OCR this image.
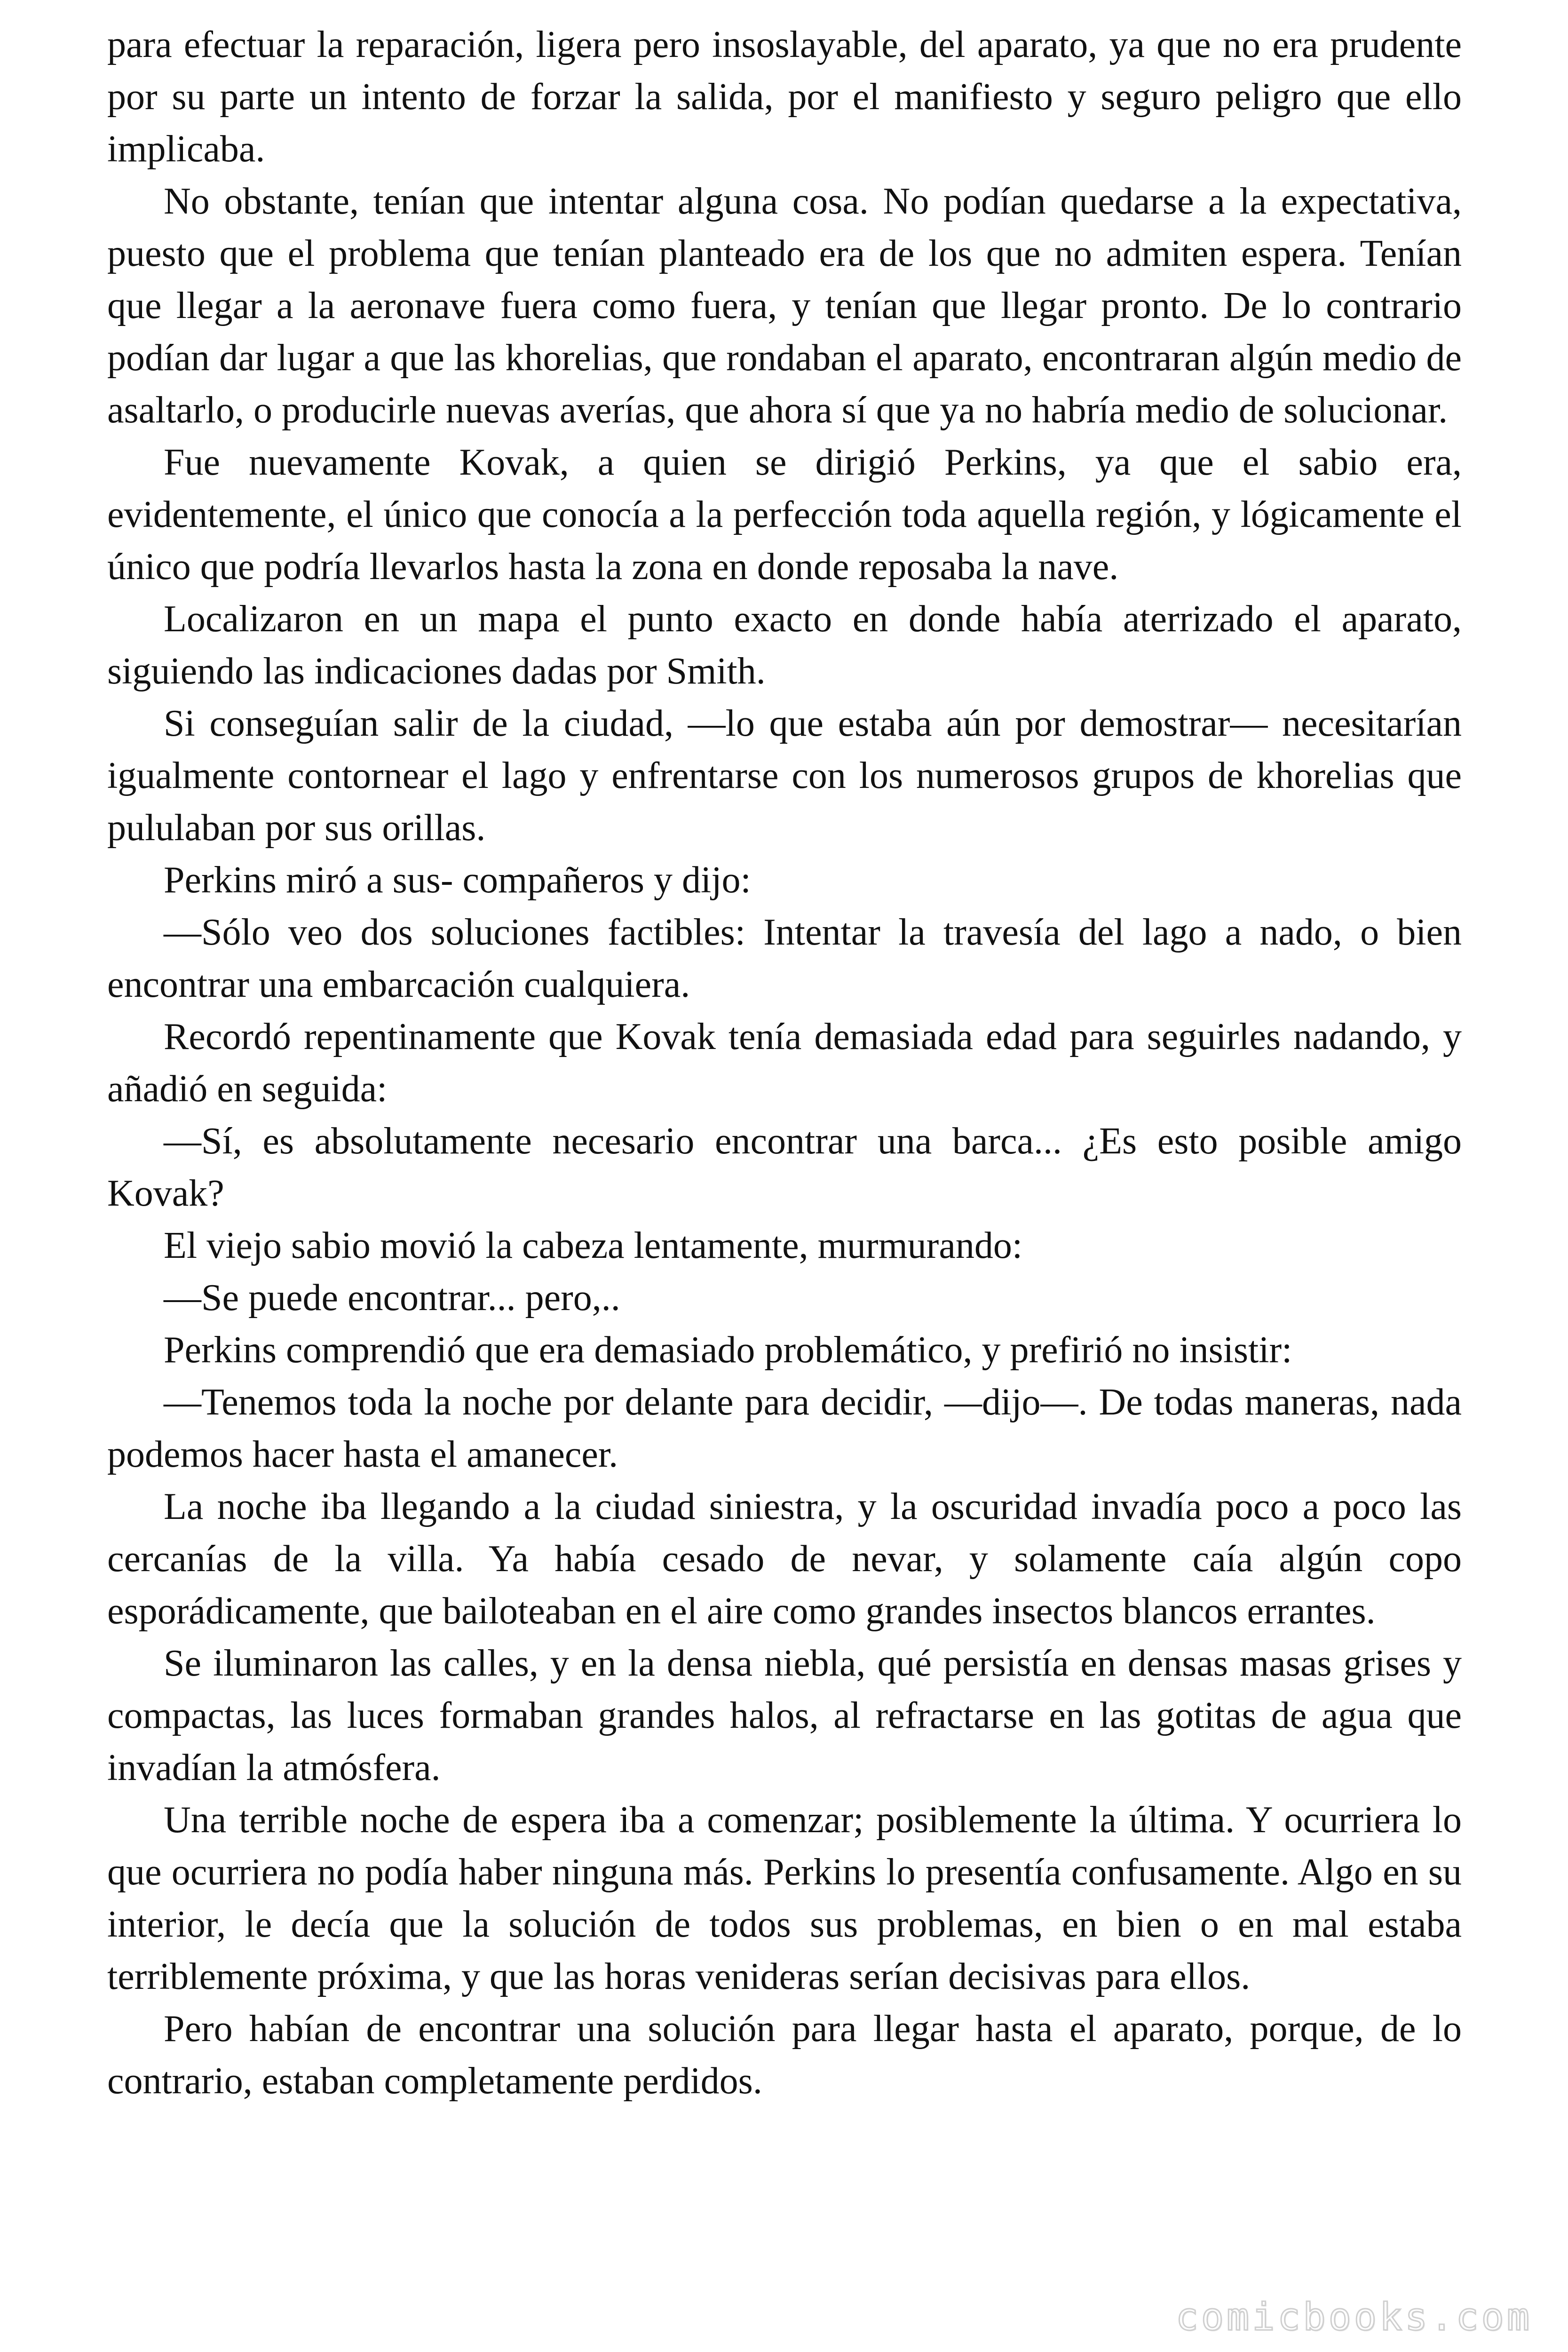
para efectuar la reparación, ligera pero insoslayable, del aparato, ya que no era prudente por su parte un intento de forzar la salida, por el manifiesto y seguro peligro que ello implicaba.

No obstante, tenían que intentar alguna cosa. No podían quedarse a la expectativa, puesto que el problema que tenían planteado era de los que no admiten espera. Tenían que llegar a la aeronave fuera como fuera, y tenían que llegar pronto. De lo contrario podían dar lugar a que las khorelias, que rondaban el aparato, encontraran algún medio de asaltarlo, o producirle nuevas averías, que ahora sí que ya no habría medio de solucionar.

Fue nuevamente Kovak, a quien se dirigió Perkins, ya que el sabio era, evidentemente, el único que conocía a la perfección toda aquella región, y lógicamente el único que podría llevarlos hasta la zona en donde reposaba la nave.

Localizaron en un mapa el punto exacto en donde había aterrizado el aparato, siguiendo las indicaciones dadas por Smith.

Si conseguían salir de la ciudad, —lo que estaba aún por demostrar— necesitarían igualmente contornear el lago y enfrentarse con los numerosos grupos de khorelias que pululaban por sus orillas.

Perkins miró a sus- compañeros y dijo:

—Sólo veo dos soluciones factibles: Intentar la travesía del lago a nado, o bien encontrar una embarcación cualquiera.

Recordó repentinamente que Kovak tenía demasiada edad para seguirles nadando, y añadió en seguida:

—Sí, es absolutamente necesario encontrar una barca... ¿Es esto posible amigo Kovak?

El viejo sabio movió la cabeza lentamente, murmurando:

—Se puede encontrar... pero,..

Perkins comprendió que era demasiado problemático, y prefirió no insistir:

—Tenemos toda la noche por delante para decidir, —dijo—. De todas maneras, nada podemos hacer hasta el amanecer.

La noche iba llegando a la ciudad siniestra, y la oscuridad invadía poco a poco las cercanías de la villa. Ya había cesado de nevar, y solamente caía algún copo esporádicamente, que bailoteaban en el aire como grandes insectos blancos errantes.

Se iluminaron las calles, y en la densa niebla, qué persistía en densas masas grises y compactas, las luces formaban grandes halos, al refractarse en las gotitas de agua que invadían la atmósfera.

Una terrible noche de espera iba a comenzar; posiblemente la última. Y ocurriera lo que ocurriera no podía haber ninguna más. Perkins lo presentía confusamente. Algo en su interior, le decía que la solución de todos sus problemas, en bien o en mal estaba terriblemente próxima, y que las horas venideras serían decisivas para ellos.

Pero habían de encontrar una solución para llegar hasta el aparato, porque, de lo contrario, estaban completamente perdidos.

comicbooks.com
